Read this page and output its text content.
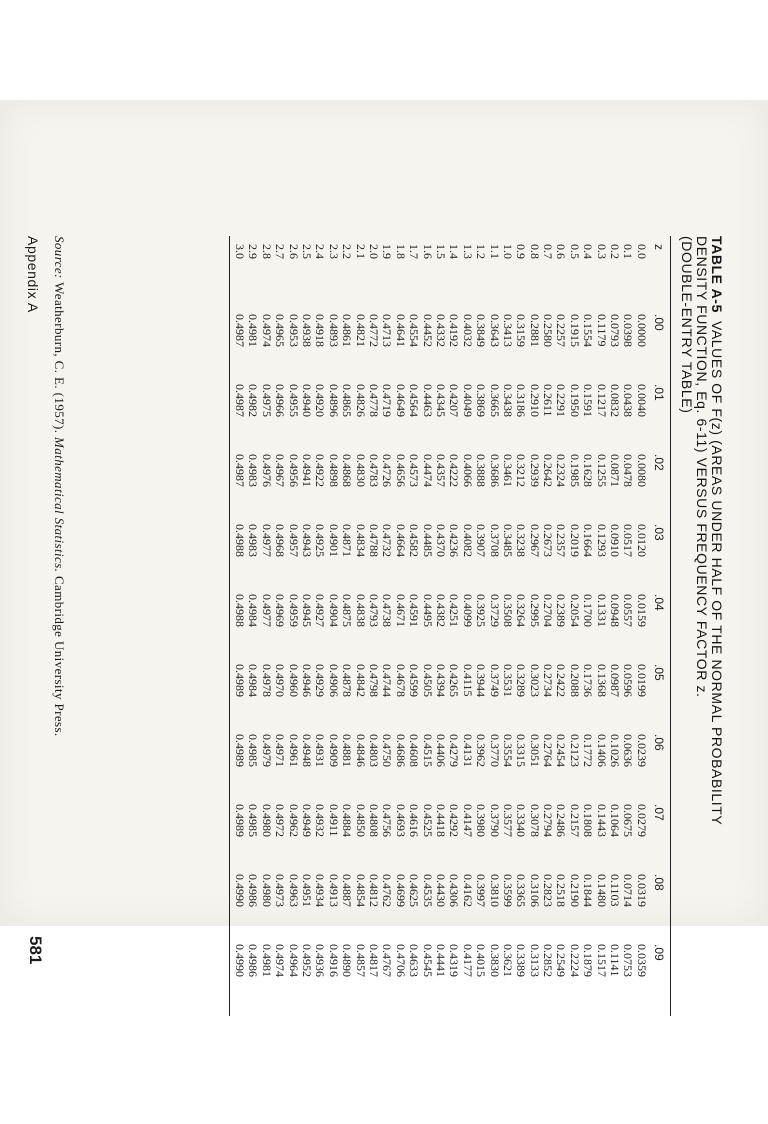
TABLE A-5VALUES OF F(z) (AREAS UNDER HALF OF THE NORMAL PROBABILITY
DENSITY FUNCTION, Eq. 6-11) VERSUS FREQUENCY FACTOR z.
(DOUBLE-ENTRY TABLE)
z	.00	.01	.02	.03	.04	.05	.06	.07	.08	.09
0.0	0.0000	0.0040	0.0080	0.0120	0.0159	0.0199	0.0239	0.0279	0.0319	0.0359
0.1	0.0398	0.0438	0.0478	0.0517	0.0557	0.0596	0.0636	0.0675	0.0714	0.0753
0.2	0.0793	0.0832	0.0871	0.0910	0.0948	0.0987	0.1026	0.1064	0.1103	0.1141
0.3	0.1179	0.1217	0.1255	0.1293	0.1331	0.1368	0.1406	0.1443	0.1480	0.1517
0.4	0.1554	0.1591	0.1628	0.1664	0.1700	0.1736	0.1772	0.1808	0.1844	0.1879
0.5	0.1915	0.1950	0.1985	0.2019	0.2054	0.2088	0.2123	0.2157	0.2190	0.2224
0.6	0.2257	0.2291	0.2324	0.2357	0.2389	0.2422	0.2454	0.2486	0.2518	0.2549
0.7	0.2580	0.2611	0.2642	0.2673	0.2704	0.2734	0.2764	0.2794	0.2823	0.2852
0.8	0.2881	0.2910	0.2939	0.2967	0.2995	0.3023	0.3051	0.3078	0.3106	0.3133
0.9	0.3159	0.3186	0.3212	0.3238	0.3264	0.3289	0.3315	0.3340	0.3365	0.3389
1.0	0.3413	0.3438	0.3461	0.3485	0.3508	0.3531	0.3554	0.3577	0.3599	0.3621
1.1	0.3643	0.3665	0.3686	0.3708	0.3729	0.3749	0.3770	0.3790	0.3810	0.3830
1.2	0.3849	0.3869	0.3888	0.3907	0.3925	0.3944	0.3962	0.3980	0.3997	0.4015
1.3	0.4032	0.4049	0.4066	0.4082	0.4099	0.4115	0.4131	0.4147	0.4162	0.4177
1.4	0.4192	0.4207	0.4222	0.4236	0.4251	0.4265	0.4279	0.4292	0.4306	0.4319
1.5	0.4332	0.4345	0.4357	0.4370	0.4382	0.4394	0.4406	0.4418	0.4430	0.4441
1.6	0.4452	0.4463	0.4474	0.4485	0.4495	0.4505	0.4515	0.4525	0.4535	0.4545
1.7	0.4554	0.4564	0.4573	0.4582	0.4591	0.4599	0.4608	0.4616	0.4625	0.4633
1.8	0.4641	0.4649	0.4656	0.4664	0.4671	0.4678	0.4686	0.4693	0.4699	0.4706
1.9	0.4713	0.4719	0.4726	0.4732	0.4738	0.4744	0.4750	0.4756	0.4762	0.4767
2.0	0.4772	0.4778	0.4783	0.4788	0.4793	0.4798	0.4803	0.4808	0.4812	0.4817
2.1	0.4821	0.4826	0.4830	0.4834	0.4838	0.4842	0.4846	0.4850	0.4854	0.4857
2.2	0.4861	0.4865	0.4868	0.4871	0.4875	0.4878	0.4881	0.4884	0.4887	0.4890
2.3	0.4893	0.4896	0.4898	0.4901	0.4904	0.4906	0.4909	0.4911	0.4913	0.4916
2.4	0.4918	0.4920	0.4922	0.4925	0.4927	0.4929	0.4931	0.4932	0.4934	0.4936
2.5	0.4938	0.4940	0.4941	0.4943	0.4945	0.4946	0.4948	0.4949	0.4951	0.4952
2.6	0.4953	0.4955	0.4956	0.4957	0.4959	0.4960	0.4961	0.4962	0.4963	0.4964
2.7	0.4965	0.4966	0.4967	0.4968	0.4969	0.4970	0.4971	0.4972	0.4973	0.4974
2.8	0.4974	0.4975	0.4976	0.4977	0.4977	0.4978	0.4979	0.4980	0.4980	0.4981
2.9	0.4981	0.4982	0.4983	0.4983	0.4984	0.4984	0.4985	0.4985	0.4986	0.4986
3.0	0.4987	0.4987	0.4987	0.4988	0.4988	0.4989	0.4989	0.4989	0.4990	0.4990
Source: Weatherburn, C. E. (1957). Mathematical Statistics. Cambridge University Press.
Appendix A
581
